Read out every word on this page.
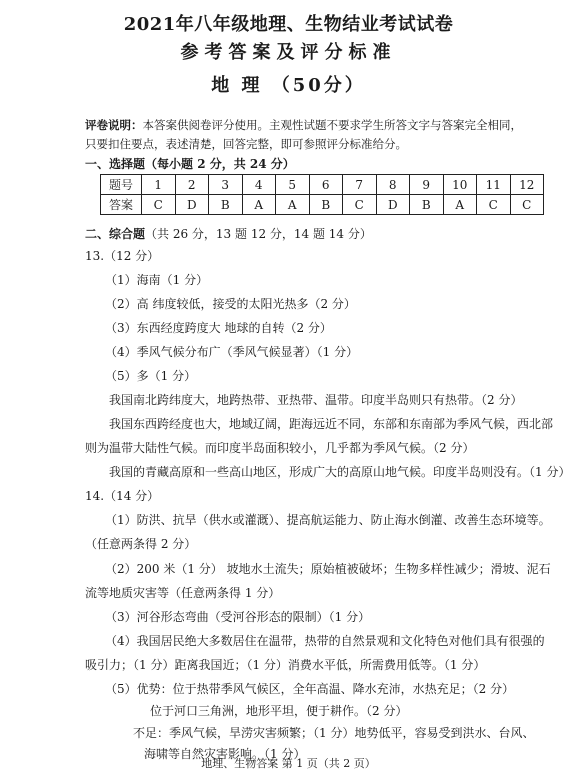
2021年八年级地理、生物结业考试试卷
参考答案及评分标准
地 理 （50分）
评卷说明：本答案供阅卷评分使用。主观性试题不要求学生所答文字与答案完全相同，
只要扣住要点，表述清楚，回答完整，即可参照评分标准给分。
一、选择题（每小题 2 分，共 24 分）
题号	1	2	3	4	5	6	7	8	9	10	11	12
答案	C	D	B	A	A	B	C	D	B	A	C	C
二、综合题（共 26 分，13 题 12 分，14 题 14 分）
13.（12 分）
（1）海南（1 分）
（2）高 纬度较低，接受的太阳光热多（2 分）
（3）东西经度跨度大 地球的自转（2 分）
（4）季风气候分布广（季风气候显著）（1 分）
（5）多（1 分）
我国南北跨纬度大，地跨热带、亚热带、温带。印度半岛则只有热带。（2 分）
我国东西跨经度也大，地域辽阔，距海远近不同，东部和东南部为季风气候，西北部
则为温带大陆性气候。而印度半岛面积较小，几乎都为季风气候。（2 分）
我国的青藏高原和一些高山地区，形成广大的高原山地气候。印度半岛则没有。（1 分）
14.（14 分）
（1）防洪、抗旱（供水或灌溉）、提高航运能力、防止海水倒灌、改善生态环境等。
（任意两条得 2 分）
（2）200 米（1 分） 坡地水土流失；原始植被破坏；生物多样性减少；滑坡、泥石
流等地质灾害等（任意两条得 1 分）
（3）河谷形态弯曲（受河谷形态的限制）（1 分）
（4）我国居民绝大多数居住在温带，热带的自然景观和文化特色对他们具有很强的
吸引力；（1 分）距离我国近；（1 分）消费水平低，所需费用低等。（1 分）
（5）优势：位于热带季风气候区，全年高温、降水充沛，水热充足；（2 分）
位于河口三角洲，地形平坦，便于耕作。（2 分）
不足：季风气候，旱涝灾害频繁；（1 分）地势低平，容易受到洪水、台风、
海啸等自然灾害影响。（1 分）
地理、生物答案 第 1 页（共 2 页）
